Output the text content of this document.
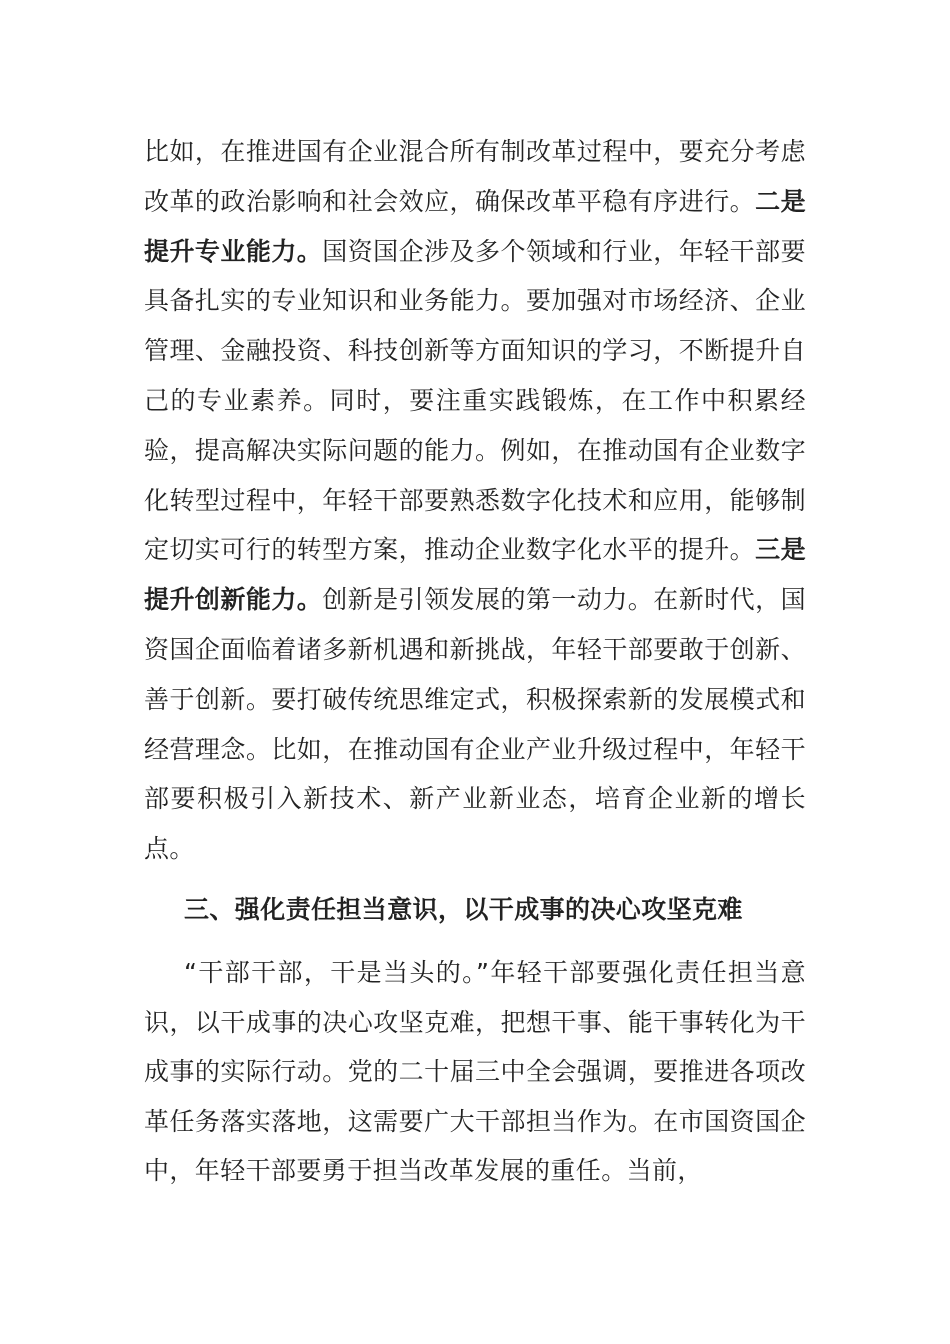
比如，在推进国有企业混合所有制改革过程中，要充分考虑改革的政治影响和社会效应，确保改革平稳有序进行。二是提升专业能力。国资国企涉及多个领域和行业，年轻干部要具备扎实的专业知识和业务能力。要加强对市场经济、企业管理、金融投资、科技创新等方面知识的学习，不断提升自己的专业素养。同时，要注重实践锻炼，在工作中积累经验，提高解决实际问题的能力。例如，在推动国有企业数字化转型过程中，年轻干部要熟悉数字化技术和应用，能够制定切实可行的转型方案，推动企业数字化水平的提升。三是提升创新能力。创新是引领发展的第一动力。在新时代，国资国企面临着诸多新机遇和新挑战，年轻干部要敢于创新、善于创新。要打破传统思维定式，积极探索新的发展模式和经营理念。比如，在推动国有企业产业升级过程中，年轻干部要积极引入新技术、新产业新业态，培育企业新的增长点。
三、强化责任担当意识，以干成事的决心攻坚克难
“干部干部，干是当头的。”年轻干部要强化责任担当意识，以干成事的决心攻坚克难，把想干事、能干事转化为干成事的实际行动。党的二十届三中全会强调，要推进各项改革任务落实落地，这需要广大干部担当作为。在市国资国企中，年轻干部要勇于担当改革发展的重任。当前，
